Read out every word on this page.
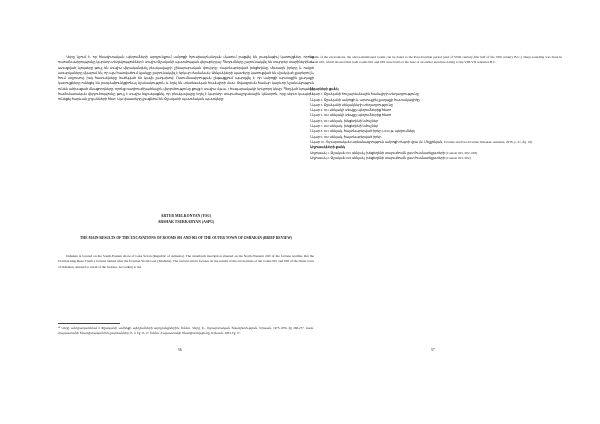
Կերը նշում է, որ հնագիտական պեղումների արդյունքում ամրոցի հյուսիսարևմտյան մասում բացվել են բազմաթիվ կառույցներ, որոնց ուսումնասիրությունը կարևոր տեղեկություններ է տալիս Օշականի պատմության վերաբերյալ։ Պեղումները շարունակվել են տարբեր տարիներին, և ստացված նյութերը թույլ են տալիս վերականգնել բնակավայրի շինարարական փուլերը։ Հայտնաբերված խեցեղենը, մետաղե իրերը և ոսկրե առարկաները վկայում են, որ այս հատվածում կյանքը շարունակվել է երկար ժամանակ։ Սենյակների պատերը կառուցված են մշակված քարերով և հում աղյուսով, իսկ հատակները ծածկված են կավե շաղախով։ Ուսումնասիրության ընթացքում պարզվել է, որ ամրոցի արտաքին քաղաքի կառույցները ունեցել են բազմաֆունկցիոնալ նշանակություն և եղել են տնտեսական համալիրի մաս։ Թվագրման համար կարևոր նշանակություն ունեն ածխացած մնացորդները, որոնց ռադիոածխածնային վերլուծությունը ցույց է տալիս մ.թ.ա. I հազարամյակի երկրորդ կեսը։ Պեղված նյութերի համեմատական վերլուծությունը թույլ է տալիս եզրակացնել, որ բնակավայրը եղել է կարևոր տարածաշրջանային կենտրոն, որը սերտ կապեր է ունեցել հարևան շրջանների հետ։ Այս փաստերը լրացնում են Օշականի պատմական պատկերը։

ARTUR MELKONYAN (YSU)
ARSHAK TSERKARYAN (ASPU)
THE MAIN RESULTS OF THE EXCAVATIONS OF ROOMS 001 AND 002 OF THE OUTER TOWN OF OSHAKAN (BRIEF REVIEW)

Oshakan is located on the South-Eastern shore of Lake Sevan (Republic of Armenia). The cuneiform inscription situated on the North-Western cliff of the fortress testifies that the Urartian king Rusa I built a fortress named after the Urartian Storm God (Teisheba). The current article focuses on the results of the excavations of the rooms 001 and 002 of the Outer town of Oshakan, situated to north of the fortress. According to the

¹⁸ Կերը անդրադառնում է Օշականի ամրոցի պեղումների արդյունքներին, հմմտ. Կերը Ե., Ուրարտական հնագիտություն, Երևան, 1975-1976, էջ 268-277, նաև՝ Հայաստանի հնագիտական հուշարձաններ, հ. 2, էջ 15-17, հմմտ. Հայաստանի հնագիտությունը, Երևան, 2003, էջ 17։

56

results of the excavations, the above-mentioned rooms can be dated to the Post-Urartian period (end of VIIth century-first half of the VIth century B.C.). Deep sounding was done in Room 001, which showed that both rooms 001 and 002 were built on the base of an earlier structure dating to the VIII-VII centuries B.C.

Նկարների ցանկ

Նկար 1. Օշականի հուշարձանային համալիրի տեղադրությունը

Նկար 2. Օշականի ամրոցի և արտաքին քաղաքի հատակագիծը

Նկար 3. Օշականի սենյակների տեղադրությունը

Նկար 4. 001 սենյակի տեսքը պեղումներից հետո

Նկար 5. 002 սենյակի տեսքը պեղումներից հետո

Նկար 6. 001 սենյակ, խեցեղենի նմուշներ

Նկար 7. 002 սենյակ, խեցեղենի նմուշներ

Նկար 8. 001 սենյակ, հայտնաբերված իրեր (2016 թ. պեղումներ)

Նկար 9. 002 սենյակ, հայտնաբերված իրեր

Նկար 10. Ուրարտական արձանագրություն ամրոցի ժայռի վրա (Ա. Մելքոնյան, Urartian and Post-Urartian Oshakan, Armenia, 2018, p. 31, fig. 19)

Աղյուսակների ցանկ

Աղյուսակ 1. Օշական 001 սենյակ, խեցեղենի տարածումն ըստ համատեքստերի (Context 001, 002, 003)

Աղյուսակ 2. Օշական 002 սենյակ, խեցեղենի տարածումն ըստ համատեքստերի (Context 001, 002)

57
